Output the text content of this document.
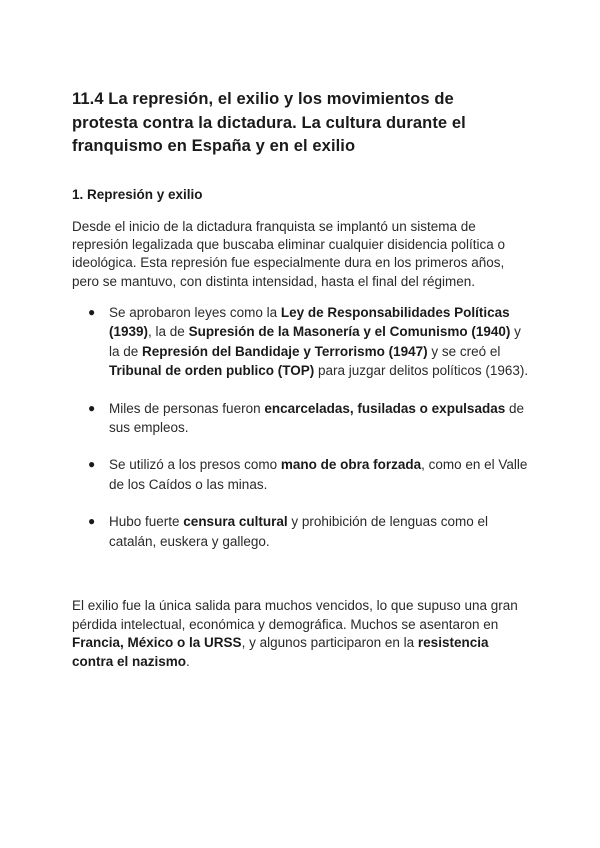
11.4 La represión, el exilio y los movimientos de protesta contra la dictadura. La cultura durante el franquismo en España y en el exilio
1. Represión y exilio

Desde el inicio de la dictadura franquista se implantó un sistema de represión legalizada que buscaba eliminar cualquier disidencia política o ideológica. Esta represión fue especialmente dura en los primeros años, pero se mantuvo, con distinta intensidad, hasta el final del régimen.

● Se aprobaron leyes como la Ley de Responsabilidades Políticas (1939), la de Supresión de la Masonería y el Comunismo (1940) y la de Represión del Bandidaje y Terrorismo (1947) y se creó el Tribunal de orden publico (TOP) para juzgar delitos políticos (1963).
● Miles de personas fueron encarceladas, fusiladas o expulsadas de sus empleos.
● Se utilizó a los presos como mano de obra forzada, como en el Valle de los Caídos o las minas.
● Hubo fuerte censura cultural y prohibición de lenguas como el catalán, euskera y gallego.

El exilio fue la única salida para muchos vencidos, lo que supuso una gran pérdida intelectual, económica y demográfica. Muchos se asentaron en Francia, México o la URSS, y algunos participaron en la resistencia contra el nazismo.
